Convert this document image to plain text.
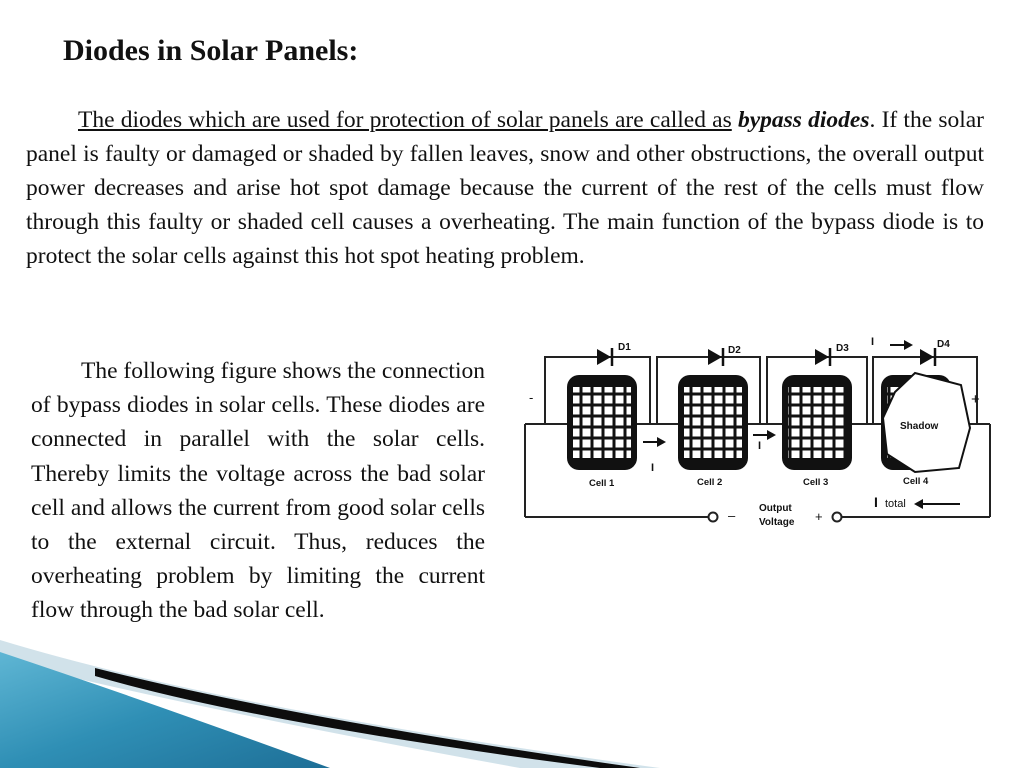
Diodes in Solar Panels:

The diodes which are used for protection of solar panels are called as bypass diodes. If the solar panel is faulty or damaged or shaded by fallen leaves, snow and other obstructions, the overall output power decreases and arise hot spot damage because the current of the rest of the cells must flow through this faulty or shaded cell causes a overheating. The main function of the bypass diode is to protect the solar cells against this hot spot heating problem.

The following figure shows the connection of bypass diodes in solar cells. These diodes are connected in parallel with the solar cells. Thereby limits the voltage across the bad solar cell and allows the current from good solar cells to the external circuit. Thus, reduces the overheating problem by limiting the current flow through the bad solar cell.

D1	D2	D3	D4
Shadow
Cell 1	Cell 2	Cell 3	Cell 4
I
I
I
-	+
–	+
Output
Voltage
I total
